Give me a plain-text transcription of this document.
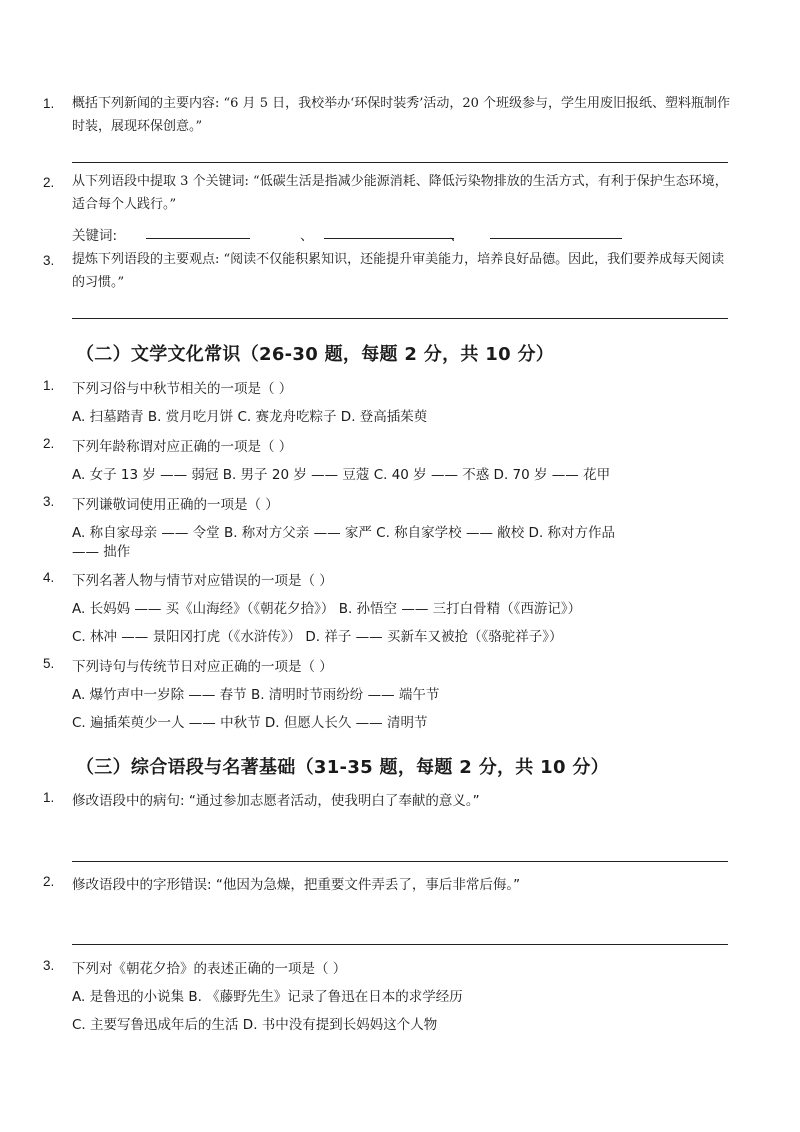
1. 概括下列新闻的主要内容: “6 月 5 日，我校举办‘环保时装秀’活动，20 个班级参与，学生用废旧报纸、塑料瓶制作时装，展现环保创意。”
2. 从下列语段中提取 3 个关键词: “低碳生活是指减少能源消耗、降低污染物排放的生活方式，有利于保护生态环境，适合每个人践行。”
关键词:	、	、
3. 提炼下列语段的主要观点: “阅读不仅能积累知识，还能提升审美能力，培养良好品德。因此，我们要养成每天阅读的习惯。”
（二）文学文化常识（26-30 题，每题 2 分，共 10 分）
1. 下列习俗与中秋节相关的一项是（ ）
A. 扫墓踏青 B. 赏月吃月饼 C. 赛龙舟吃粽子 D. 登高插茱萸
2. 下列年龄称谓对应正确的一项是（ ）
A. 女子 13 岁 —— 弱冠 B. 男子 20 岁 —— 豆蔻 C. 40 岁 —— 不惑 D. 70 岁 —— 花甲
3. 下列谦敬词使用正确的一项是（ ）
A. 称自家母亲 —— 令堂 B. 称对方父亲 —— 家严 C. 称自家学校 —— 敝校 D. 称对方作品
—— 拙作
4. 下列名著人物与情节对应错误的一项是（ ）
A. 长妈妈 —— 买《山海经》（《朝花夕拾》） B. 孙悟空 —— 三打白骨精（《西游记》）
C. 林冲 —— 景阳冈打虎（《水浒传》） D. 祥子 —— 买新车又被抢（《骆驼祥子》）
5. 下列诗句与传统节日对应正确的一项是（ ）
A. 爆竹声中一岁除 —— 春节 B. 清明时节雨纷纷 —— 端午节
C. 遍插茱萸少一人 —— 中秋节 D. 但愿人长久 —— 清明节
（三）综合语段与名著基础（31-35 题，每题 2 分，共 10 分）
1. 修改语段中的病句: “通过参加志愿者活动，使我明白了奉献的意义。”
2. 修改语段中的字形错误: “他因为急燥，把重要文件弄丢了，事后非常后侮。”
3. 下列对《朝花夕拾》的表述正确的一项是（ ）
A. 是鲁迅的小说集 B. 《藤野先生》记录了鲁迅在日本的求学经历
C. 主要写鲁迅成年后的生活 D. 书中没有提到长妈妈这个人物
